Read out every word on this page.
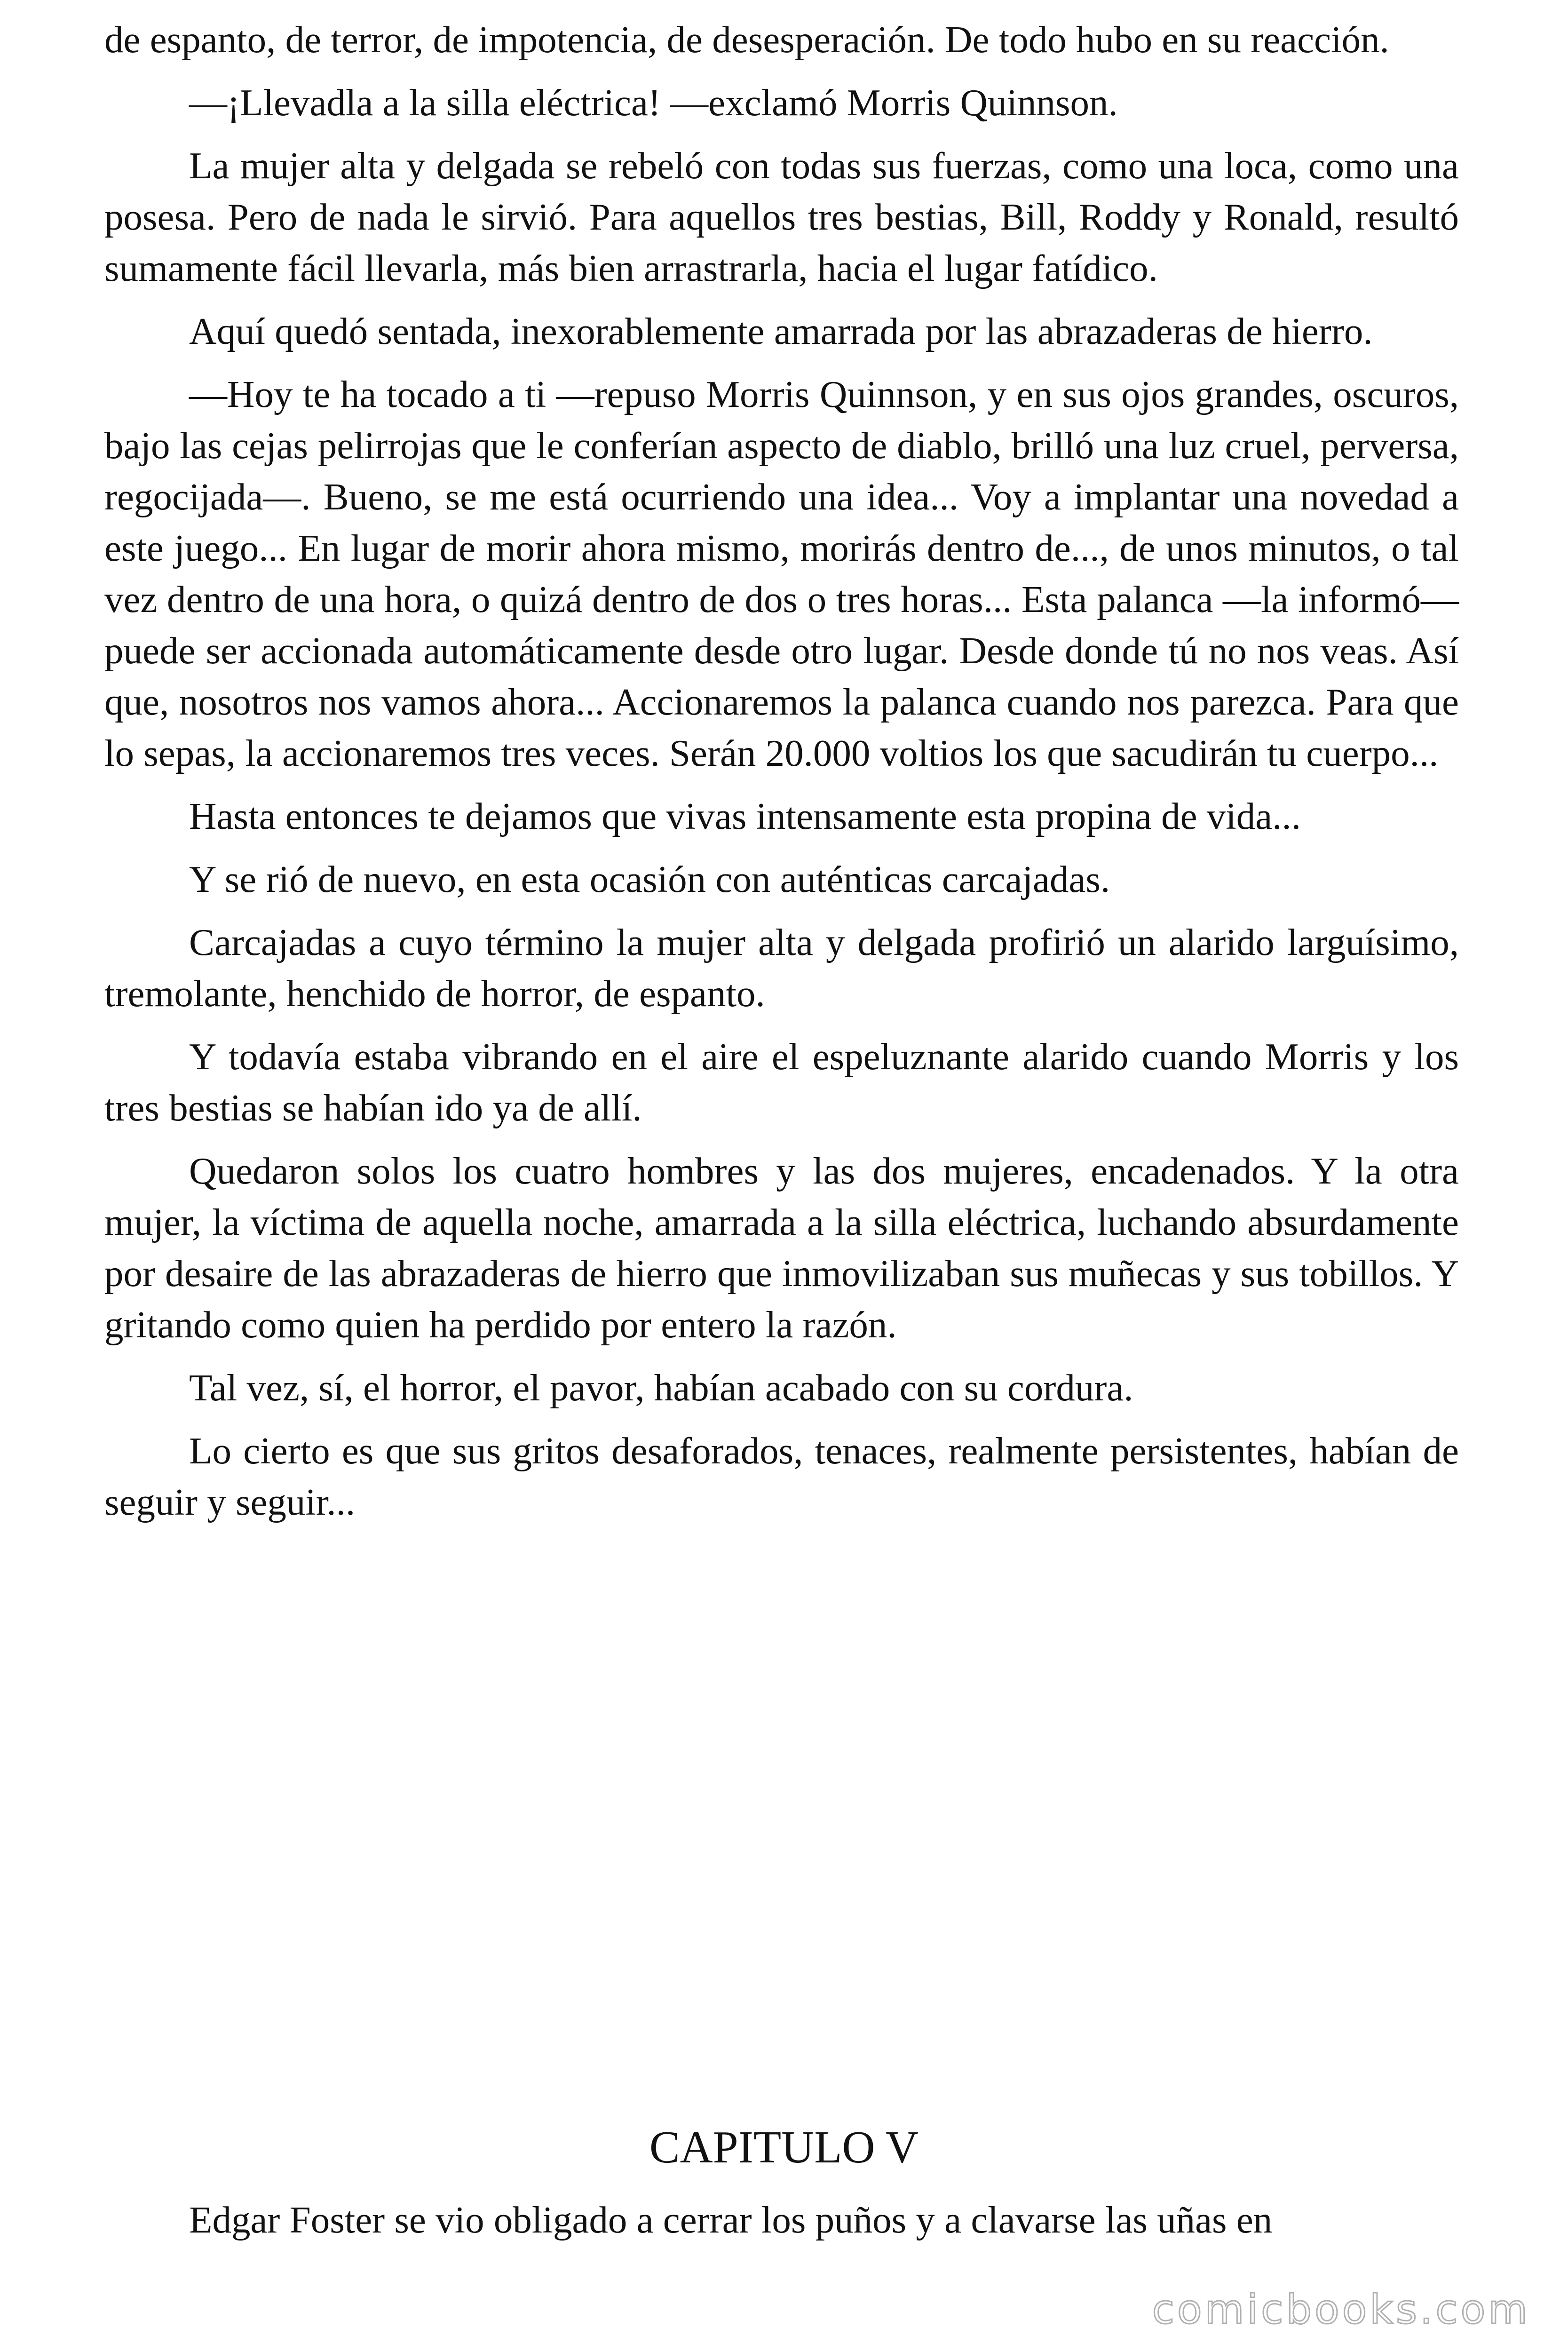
de espanto, de terror, de impotencia, de desesperación. De todo hubo en su reacción.

—¡Llevadla a la silla eléctrica! —exclamó Morris Quinnson.

La mujer alta y delgada se rebeló con todas sus fuerzas, como una loca, como una posesa. Pero de nada le sirvió. Para aquellos tres bestias, Bill, Roddy y Ronald, resultó sumamente fácil llevarla, más bien arrastrarla, hacia el lugar fatídico.

Aquí quedó sentada, inexorablemente amarrada por las abrazaderas de hierro.

—Hoy te ha tocado a ti —repuso Morris Quinnson, y en sus ojos grandes, oscuros, bajo las cejas pelirrojas que le conferían aspecto de diablo, brilló una luz cruel, perversa, regocijada—. Bueno, se me está ocurriendo una idea... Voy a implantar una novedad a este juego... En lugar de morir ahora mismo, morirás dentro de..., de unos minutos, o tal vez dentro de una hora, o quizá dentro de dos o tres horas... Esta palanca —la informó— puede ser accionada automáticamente desde otro lugar. Desde donde tú no nos veas. Así que, nosotros nos vamos ahora... Accionaremos la palanca cuando nos parezca. Para que lo sepas, la accionaremos tres veces. Serán 20.000 voltios los que sacudirán tu cuerpo...

Hasta entonces te dejamos que vivas intensamente esta propina de vida...

Y se rió de nuevo, en esta ocasión con auténticas carcajadas.

Carcajadas a cuyo término la mujer alta y delgada profirió un alarido larguísimo, tremolante, henchido de horror, de espanto.

Y todavía estaba vibrando en el aire el espeluznante alarido cuando Morris y los tres bestias se habían ido ya de allí.

Quedaron solos los cuatro hombres y las dos mujeres, encadenados. Y la otra mujer, la víctima de aquella noche, amarrada a la silla eléctrica, luchando absurdamente por desaire de las abrazaderas de hierro que inmovilizaban sus muñecas y sus tobillos. Y gritando como quien ha perdido por entero la razón.

Tal vez, sí, el horror, el pavor, habían acabado con su cordura.

Lo cierto es que sus gritos desaforados, tenaces, realmente persistentes, habían de seguir y seguir...

CAPITULO V

Edgar Foster se vio obligado a cerrar los puños y a clavarse las uñas en

comicbooks.com
